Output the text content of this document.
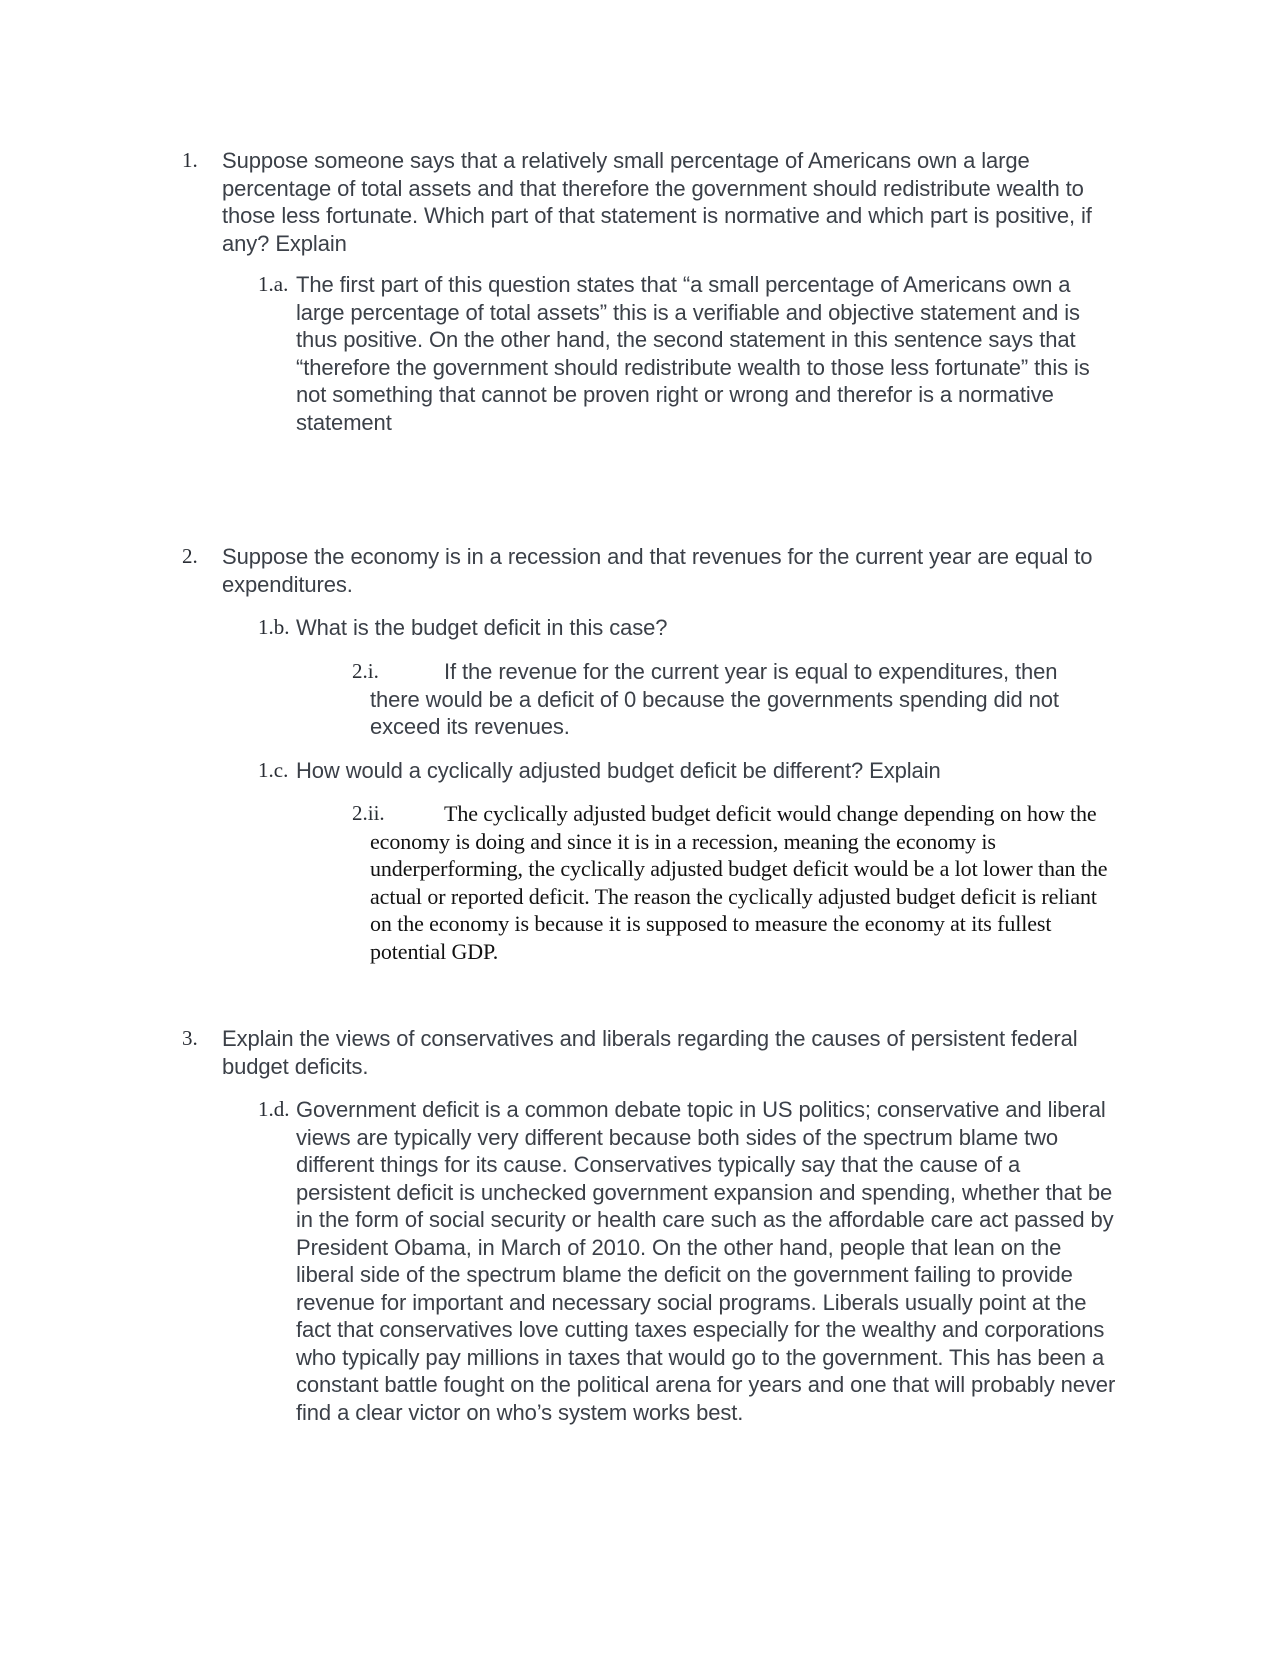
1. Suppose someone says that a relatively small percentage of Americans own a large percentage of total assets and that therefore the government should redistribute wealth to those less fortunate. Which part of that statement is normative and which part is positive, if any? Explain
1.a. The first part of this question states that “a small percentage of Americans own a large percentage of total assets” this is a verifiable and objective statement and is thus positive. On the other hand, the second statement in this sentence says that “therefore the government should redistribute wealth to those less fortunate” this is not something that cannot be proven right or wrong and therefor is a normative statement
2. Suppose the economy is in a recession and that revenues for the current year are equal to expenditures.
1.b. What is the budget deficit in this case?
2.i.	If the revenue for the current year is equal to expenditures, then there would be a deficit of 0 because the governments spending did not exceed its revenues.
1.c. How would a cyclically adjusted budget deficit be different? Explain
2.ii.	The cyclically adjusted budget deficit would change depending on how the economy is doing and since it is in a recession, meaning the economy is underperforming, the cyclically adjusted budget deficit would be a lot lower than the actual or reported deficit. The reason the cyclically adjusted budget deficit is reliant on the economy is because it is supposed to measure the economy at its fullest potential GDP.
3. Explain the views of conservatives and liberals regarding the causes of persistent federal budget deficits.
1.d. Government deficit is a common debate topic in US politics; conservative and liberal views are typically very different because both sides of the spectrum blame two different things for its cause. Conservatives typically say that the cause of a persistent deficit is unchecked government expansion and spending, whether that be in the form of social security or health care such as the affordable care act passed by President Obama, in March of 2010. On the other hand, people that lean on the liberal side of the spectrum blame the deficit on the government failing to provide revenue for important and necessary social programs. Liberals usually point at the fact that conservatives love cutting taxes especially for the wealthy and corporations who typically pay millions in taxes that would go to the government. This has been a constant battle fought on the political arena for years and one that will probably never find a clear victor on who’s system works best.
